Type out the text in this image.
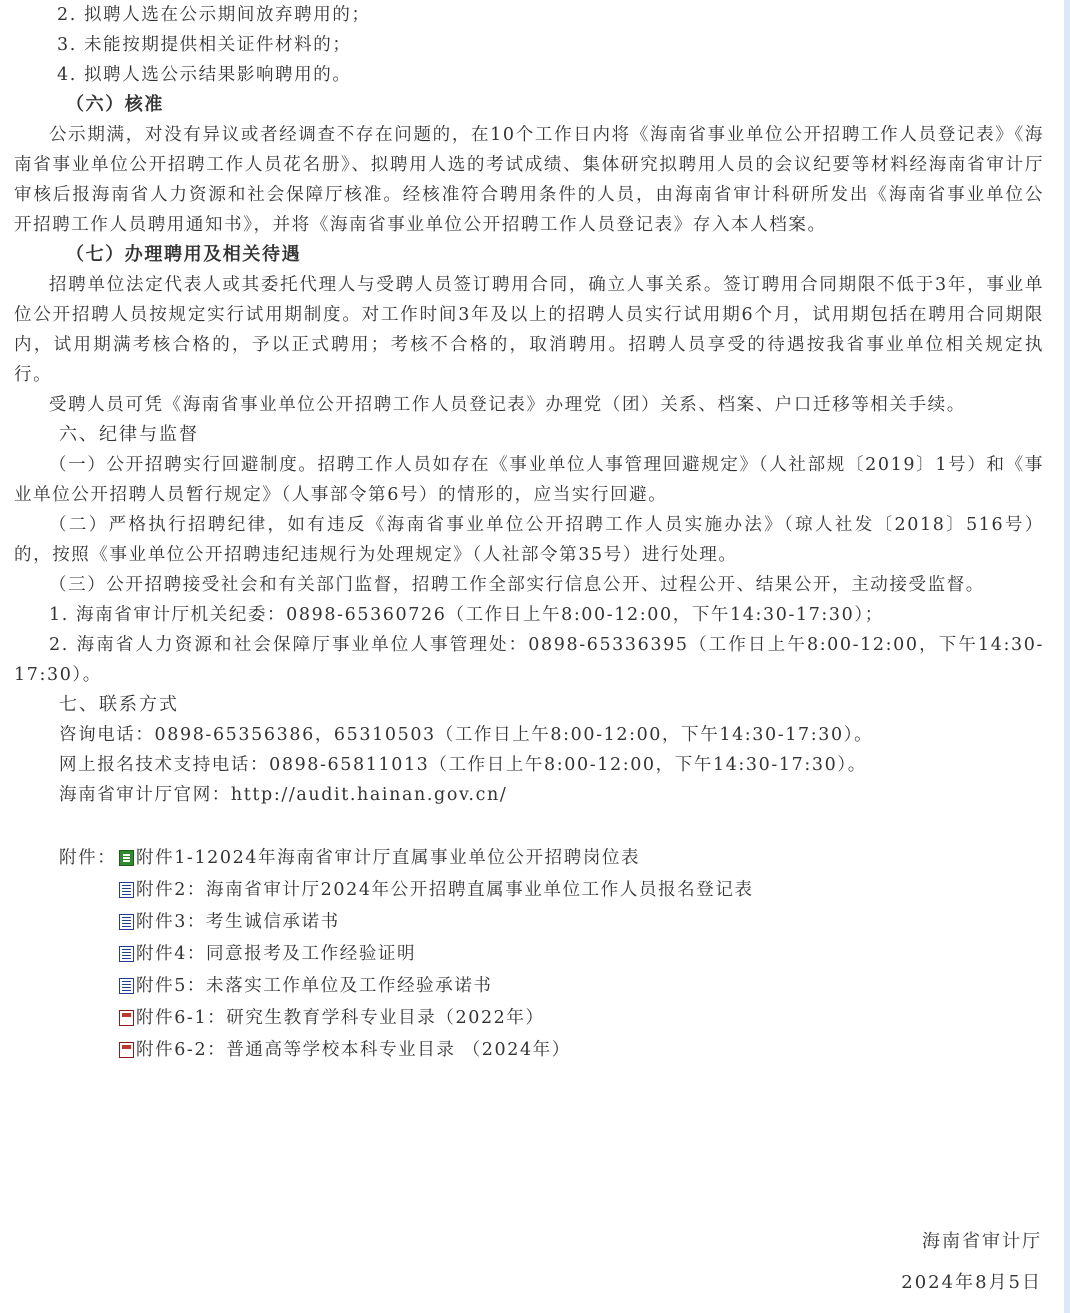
2. 拟聘人选在公示期间放弃聘用的；

3. 未能按期提供相关证件材料的；

4. 拟聘人选公示结果影响聘用的。

（六）核准

公示期满，对没有异议或者经调查不存在问题的，在10个工作日内将《海南省事业单位公开招聘工作人员登记表》《海南省事业单位公开招聘工作人员花名册》、拟聘用人选的考试成绩、集体研究拟聘用人员的会议纪要等材料经海南省审计厅审核后报海南省人力资源和社会保障厅核准。经核准符合聘用条件的人员，由海南省审计科研所发出《海南省事业单位公开招聘工作人员聘用通知书》，并将《海南省事业单位公开招聘工作人员登记表》存入本人档案。

（七）办理聘用及相关待遇

招聘单位法定代表人或其委托代理人与受聘人员签订聘用合同，确立人事关系。签订聘用合同期限不低于3年，事业单位公开招聘人员按规定实行试用期制度。对工作时间3年及以上的招聘人员实行试用期6个月，试用期包括在聘用合同期限内，试用期满考核合格的，予以正式聘用；考核不合格的，取消聘用。招聘人员享受的待遇按我省事业单位相关规定执行。

受聘人员可凭《海南省事业单位公开招聘工作人员登记表》办理党（团）关系、档案、户口迁移等相关手续。

六、纪律与监督

（一）公开招聘实行回避制度。招聘工作人员如存在《事业单位人事管理回避规定》（人社部规〔2019〕1号）和《事业单位公开招聘人员暂行规定》（人事部令第6号）的情形的，应当实行回避。

（二）严格执行招聘纪律，如有违反《海南省事业单位公开招聘工作人员实施办法》（琼人社发〔2018〕516号）的，按照《事业单位公开招聘违纪违规行为处理规定》（人社部令第35号）进行处理。

（三）公开招聘接受社会和有关部门监督，招聘工作全部实行信息公开、过程公开、结果公开，主动接受监督。

1. 海南省审计厅机关纪委：0898-65360726（工作日上午8:00-12:00，下午14:30-17:30）；

2. 海南省人力资源和社会保障厅事业单位人事管理处：0898-65336395（工作日上午8:00-12:00，下午14:30-17:30）。

七、联系方式

咨询电话：0898-65356386，65310503（工作日上午8:00-12:00，下午14:30-17:30）。

网上报名技术支持电话：0898-65811013（工作日上午8:00-12:00，下午14:30-17:30）。

海南省审计厅官网：http://audit.hainan.gov.cn/

附件：	附件1-12024年海南省审计厅直属事业单位公开招聘岗位表
附件2：海南省审计厅2024年公开招聘直属事业单位工作人员报名登记表
附件3：考生诚信承诺书
附件4：同意报考及工作经验证明
附件5：未落实工作单位及工作经验承诺书
附件6-1：研究生教育学科专业目录（2022年）
附件6-2：普通高等学校本科专业目录 （2024年）
海南省审计厅
2024年8月5日
